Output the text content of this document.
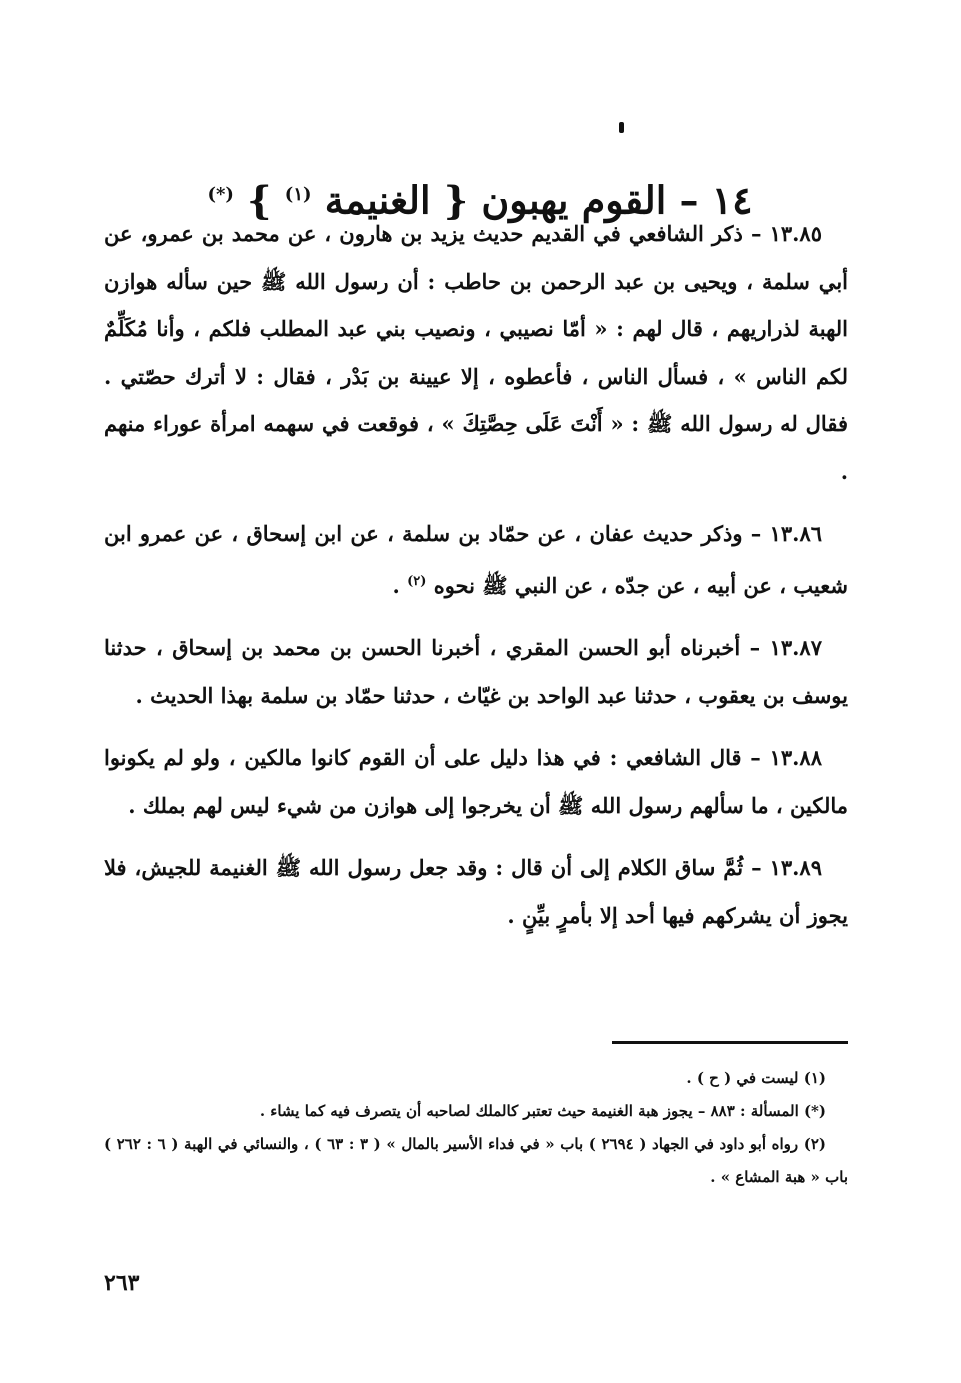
١٤ – القوم يهبون { الغنيمة $^{(١)}$ } (*)

١٣.٨٥ – ذكر الشافعي في القديم حديث يزيد بن هارون ، عن محمد بن عمرو، عن أبي سلمة ، ويحيى بن عبد الرحمن بن حاطب : أن رسول الله ﷺ حين سأله هوازن الهبة لذراريهم ، قال لهم : « أمّا نصيبي ، ونصيب بني عبد المطلب فلكم ، وأنا مُكَلِّمٌ لكم الناس » ، فسأل الناس ، فأعطوه ، إلا عيينة بن بَدْر ، فقال : لا أترك حصّتي . فقال له رسول الله ﷺ : « أَنْتَ عَلَى حِصَّتِكَ » ، فوقعت في سهمه امرأة عوراء منهم .

١٣.٨٦ – وذكر حديث عفان ، عن حمّاد بن سلمة ، عن ابن إسحاق ، عن عمرو ابن شعيب ، عن أبيه ، عن جدّه ، عن النبي ﷺ نحوه $^{(٢)}$ .

١٣.٨٧ – أخبرناه أبو الحسن المقري ، أخبرنا الحسن بن محمد بن إسحاق ، حدثنا يوسف بن يعقوب ، حدثنا عبد الواحد بن غيّاث ، حدثنا حمّاد بن سلمة بهذا الحديث .

١٣.٨٨ – قال الشافعي : في هذا دليل على أن القوم كانوا مالكين ، ولو لم يكونوا مالكين ، ما سألهم رسول الله ﷺ أن يخرجوا إلى هوازن من شيء ليس لهم بملك .

١٣.٨٩ – ثُمَّ ساق الكلام إلى أن قال : وقد جعل رسول الله ﷺ الغنيمة للجيش، فلا يجوز أن يشركهم فيها أحد إلا بأمرٍ بيِّنٍ .

(١) ليست في ( ح ) .

(*) المسألة : ٨٨٣ – يجوز هبة الغنيمة حيث تعتبر كالملك لصاحبه أن يتصرف فيه كما يشاء .

(٢) رواه أبو داود في الجهاد ( ٢٦٩٤ ) باب « في فداء الأسير بالمال » ( ٣ : ٦٣ ) ، والنسائي في الهبة ( ٦ : ٢٦٢ ) باب « هبة المشاع » .

٢٦٣
